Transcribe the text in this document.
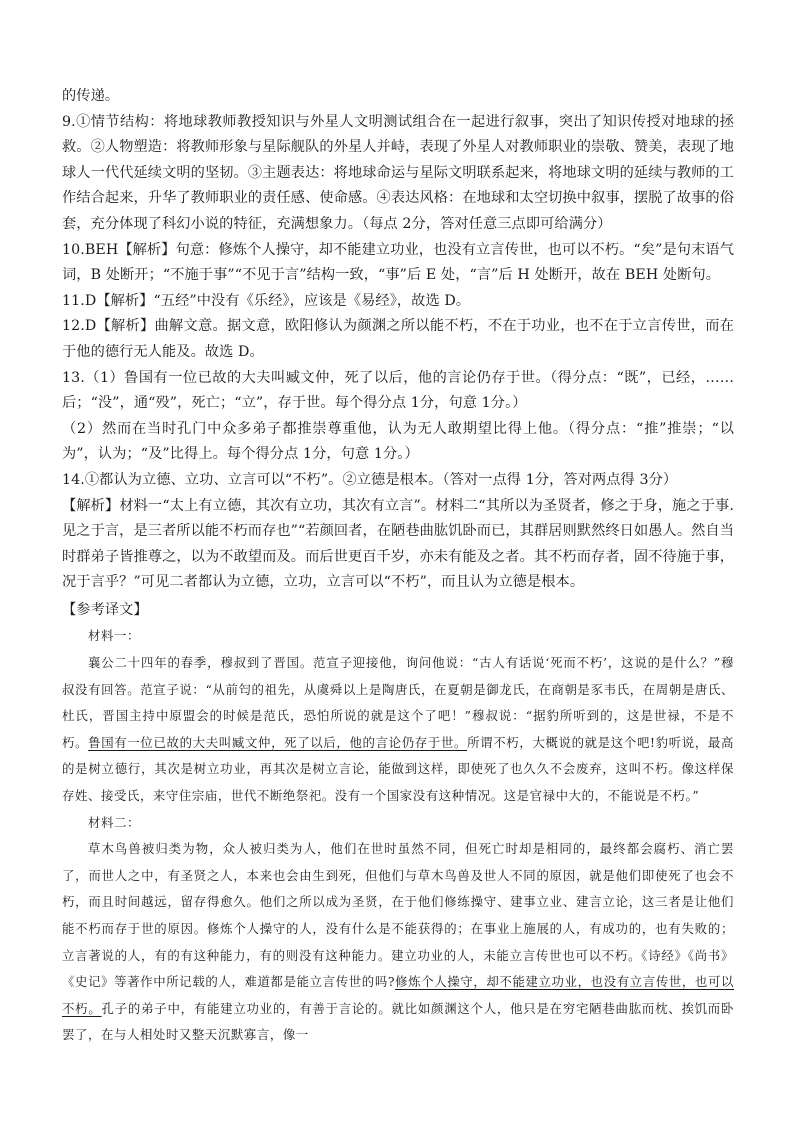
的传递。

9.①情节结构：将地球教师教授知识与外星人文明测试组合在一起进行叙事，突出了知识传授对地球的拯救。②人物塑造：将教师形象与星际舰队的外星人并峙，表现了外星人对教师职业的崇敬、赞美，表现了地球人一代代延续文明的坚韧。③主题表达：将地球命运与星际文明联系起来，将地球文明的延续与教师的工作结合起来，升华了教师职业的责任感、使命感。④表达风格：在地球和太空切换中叙事，摆脱了故事的俗套，充分体现了科幻小说的特征，充满想象力。（每点 2分，答对任意三点即可给满分）

10.BEH【解析】句意：修炼个人操守，却不能建立功业，也没有立言传世，也可以不朽。“矣”是句末语气词，B 处断开；“不施于事”“不见于言”结构一致，“事”后 E 处，“言”后 H 处断开，故在 BEH 处断句。

11.D【解析】“五经”中没有《乐经》，应该是《易经》，故选 D。

12.D【解析】曲解文意。据文意，欧阳修认为颜渊之所以能不朽，不在于功业，也不在于立言传世，而在于他的德行无人能及。故选 D。

13.（1）鲁国有一位已故的大夫叫臧文仲，死了以后，他的言论仍存于世。（得分点：“既”，已经，……后；“没”，通“殁”，死亡；“立”，存于世。每个得分点 1分，句意 1分。）

（2）然而在当时孔门中众多弟子都推崇尊重他，认为无人敢期望比得上他。（得分点：“推”推崇；“以为”，认为；“及”比得上。每个得分点 1分，句意 1分。）

14.①都认为立德、立功、立言可以“不朽”。②立德是根本。（答对一点得 1分，答对两点得 3分）

【解析】材料一“太上有立德，其次有立功，其次有立言”。材料二“其所以为圣贤者，修之于身，施之于事.见之于言，是三者所以能不朽而存也”“若颜回者，在陋巷曲肱饥卧而已，其群居则默然终日如愚人。然自当时群弟子皆推尊之，以为不敢望而及。而后世更百千岁，亦未有能及之者。其不朽而存者，固不待施于事，况于言乎？”可见二者都认为立德，立功，立言可以“不朽”，而且认为立德是根本。

【参考译文】

材料一：

襄公二十四年的春季，穆叔到了晋国。范宣子迎接他，询问他说：“古人有话说‘死而不朽’，这说的是什么？”穆叔没有回答。范宣子说：“从前匄的祖先，从虞舜以上是陶唐氏，在夏朝是御龙氏，在商朝是豕韦氏，在周朝是唐氏、杜氏，晋国主持中原盟会的时候是范氏，恐怕所说的就是这个了吧！”穆叔说：“据豹所听到的，这是世禄，不是不朽。鲁国有一位已故的大夫叫臧文仲，死了以后，他的言论仍存于世。所谓不朽，大概说的就是这个吧!豹听说，最高的是树立德行，其次是树立功业，再其次是树立言论，能做到这样，即使死了也久久不会废弃，这叫不朽。像这样保存姓、接受氏，来守住宗庙，世代不断绝祭祀。没有一个国家没有这种情况。这是官禄中大的，不能说是不朽。”

材料二：

草木鸟兽被归类为物，众人被归类为人，他们在世时虽然不同，但死亡时却是相同的，最终都会腐朽、消亡罢了，而世人之中，有圣贤之人，本来也会由生到死，但他们与草木鸟兽及世人不同的原因，就是他们即使死了也会不朽，而且时间越远，留存得愈久。他们之所以成为圣贤，在于他们修练操守、建事立业、建言立论，这三者是让他们能不朽而存于世的原因。修炼个人操守的人，没有什么是不能获得的；在事业上施展的人，有成功的，也有失败的；立言著说的人，有的有这种能力，有的则没有这种能力。建立功业的人，未能立言传世也可以不朽。《诗经》《尚书》《史记》等著作中所记载的人，难道都是能立言传世的吗?修炼个人操守，却不能建立功业，也没有立言传世，也可以不朽。孔子的弟子中，有能建立功业的，有善于言论的。就比如颜渊这个人，他只是在穷宅陋巷曲肱而枕、挨饥而卧罢了，在与人相处时又整天沉默寡言，像一
